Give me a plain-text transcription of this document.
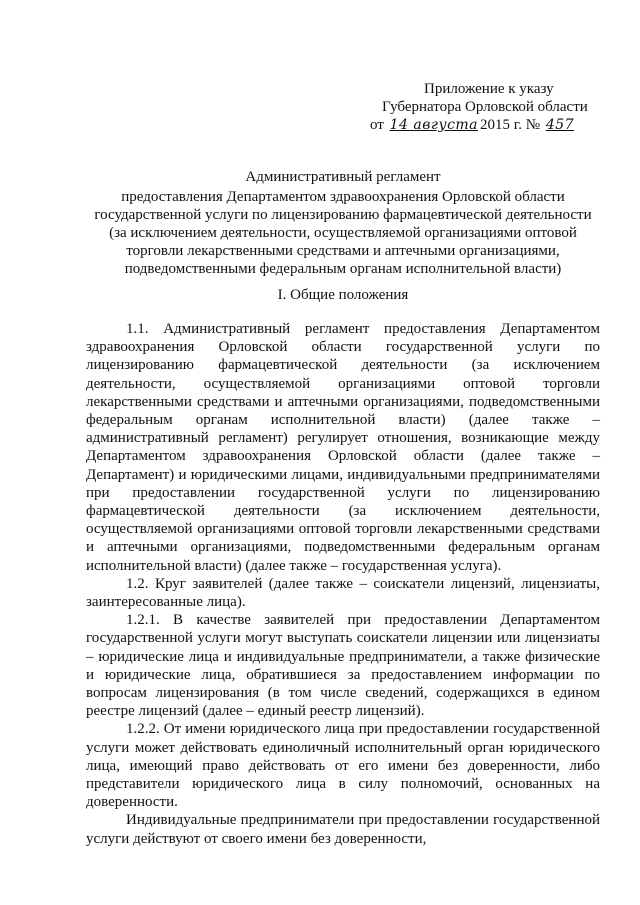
Приложение к указу
Губернатора Орловской области
от 14 августа 2015 г. № 457
Административный регламент
предоставления Департаментом здравоохранения Орловской области
государственной услуги по лицензированию фармацевтической деятельности
(за исключением деятельности, осуществляемой организациями оптовой
торговли лекарственными средствами и аптечными организациями,
подведомственными федеральным органам исполнительной власти)
I. Общие положения

1.1. Административный регламент предоставления Департаментом здравоохранения Орловской области государственной услуги по лицензированию фармацевтической деятельности (за исключением деятельности, осуществляемой организациями оптовой торговли лекарственными средствами и аптечными организациями, подведомственными федеральным органам исполнительной власти) (далее также – административный регламент) регулирует отношения, возникающие между Департаментом здравоохранения Орловской области (далее также – Департамент) и юридическими лицами, индивидуальными предпринимателями при предоставлении государственной услуги по лицензированию фармацевтической деятельности (за исключением деятельности, осуществляемой организациями оптовой торговли лекарственными средствами и аптечными организациями, подведомственными федеральным органам исполнительной власти) (далее также – государственная услуга).

1.2. Круг заявителей (далее также – соискатели лицензий, лицензиаты, заинтересованные лица).

1.2.1. В качестве заявителей при предоставлении Департаментом государственной услуги могут выступать соискатели лицензии или лицензиаты – юридические лица и индивидуальные предприниматели, а также физические и юридические лица, обратившиеся за предоставлением информации по вопросам лицензирования (в том числе сведений, содержащихся в едином реестре лицензий (далее – единый реестр лицензий).

1.2.2. От имени юридического лица при предоставлении государственной услуги может действовать единоличный исполнительный орган юридического лица, имеющий право действовать от его имени без доверенности, либо представители юридического лица в силу полномочий, основанных на доверенности.

Индивидуальные предприниматели при предоставлении государственной услуги действуют от своего имени без доверенности,
